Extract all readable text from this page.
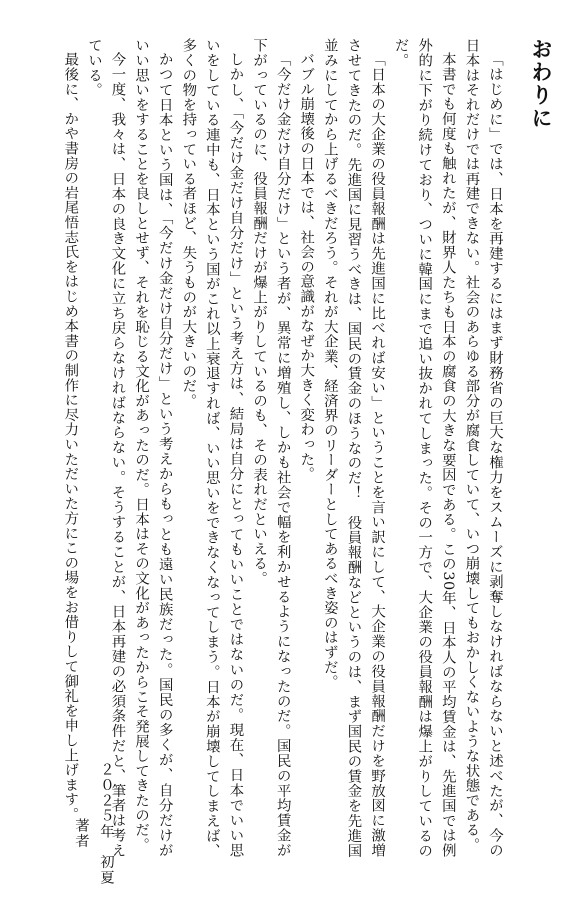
おわりに

「はじめに」では、日本を再建するにはまず財務省の巨大な権力をスムーズに剥奪しなければならないと述べたが、今の日本はそれだけでは再建できない。社会のあらゆる部分が腐食していて、いつ崩壊してもおかしくないような状態である。

本書でも何度も触れたが、財界人たちも日本の腐食の大きな要因である。この30年、日本人の平均賃金は、先進国では例外的に下がり続けており、ついに韓国にまで追い抜かれてしまった。その一方で、大企業の役員報酬は爆上がりしているのだ。

「日本の大企業の役員報酬は先進国に比べれば安い」ということを言い訳にして、大企業の役員報酬だけを野放図に激増させてきたのだ。先進国に見習うべきは、国民の賃金のほうなのだ！　役員報酬などというのは、まず国民の賃金を先進国並みにしてから上げるべきだろう。それが大企業、経済界のリーダーとしてあるべき姿のはずだ。

バブル崩壊後の日本では、社会の意識がなぜか大きく変わった。

「今だけ金だけ自分だけ」という者が、異常に増殖し、しかも社会で幅を利かせるようになったのだ。国民の平均賃金が下がっているのに、役員報酬だけが爆上がりしているのも、その表れだといえる。

しかし、「今だけ金だけ自分だけ」という考え方は、結局は自分にとってもいいことではないのだ。現在、日本でいい思いをしている連中も、日本という国がこれ以上衰退すれば、いい思いをできなくなってしまう。日本が崩壊してしまえば、多くの物を持っている者ほど、失うものが大きいのだ。

かつて日本という国は、「今だけ金だけ自分だけ」という考えからもっとも遠い民族だった。国民の多くが、自分だけがいい思いをすることを良しとせず、それを恥じる文化があったのだ。日本はその文化があったからこそ発展してきたのだ。

今一度、我々は、日本の良き文化に立ち戻らなければならない。そうすることが、日本再建の必須条件だと、筆者は考えている。

最後に、かや書房の岩尾悟志氏をはじめ本書の制作に尽力いただいた方にこの場をお借りして御礼を申し上げます。

２０２５年　初夏
著者
